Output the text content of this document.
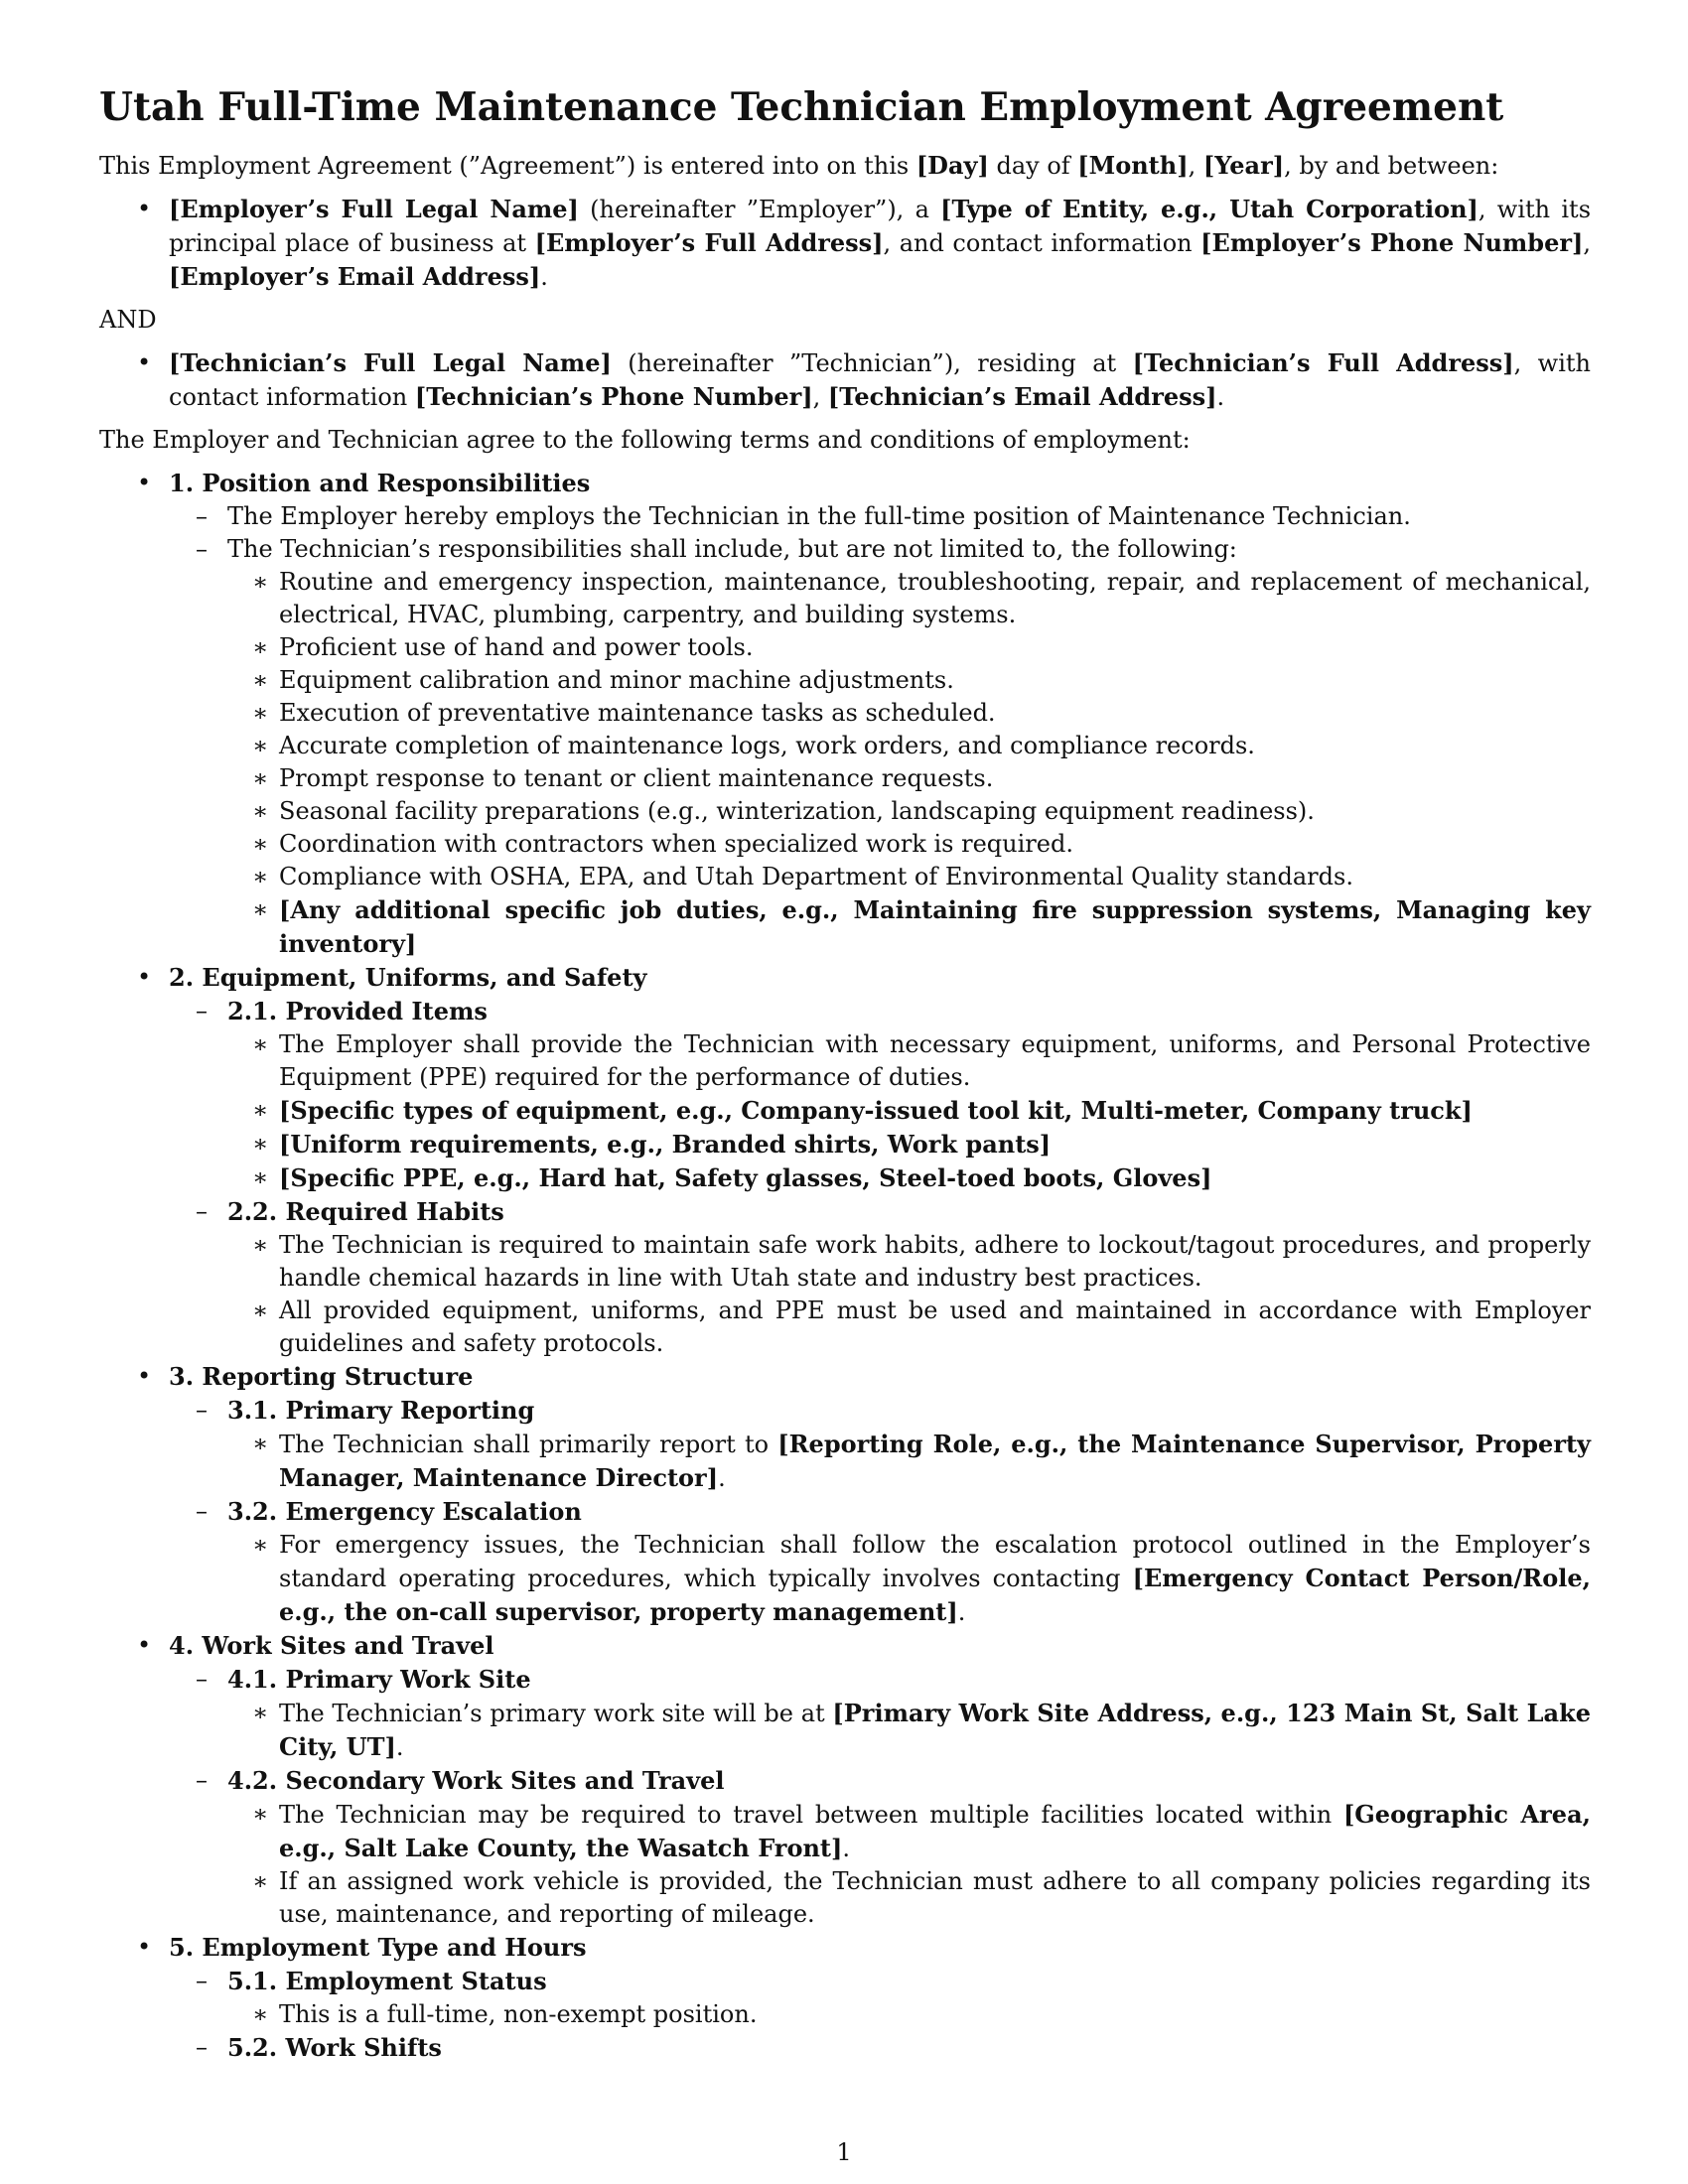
Utah Full-Time Maintenance Technician Employment Agreement

This Employment Agreement (”Agreement”) is entered into on this [Day] day of [Month], [Year], by and between:

• [Employer’s Full Legal Name] (hereinafter ”Employer”), a [Type of Entity, e.g., Utah Corporation], with its principal place of business at [Employer’s Full Address], and contact information [Employer’s Phone Number], [Employer’s Email Address].

AND

• [Technician’s Full Legal Name] (hereinafter ”Technician”), residing at [Technician’s Full Address], with contact information [Technician’s Phone Number], [Technician’s Email Address].

The Employer and Technician agree to the following terms and conditions of employment:

• 1. Position and Responsibilities
– The Employer hereby employs the Technician in the full-time position of Maintenance Technician.
– The Technician’s responsibilities shall include, but are not limited to, the following:
∗ Routine and emergency inspection, maintenance, troubleshooting, repair, and replacement of mechanical, electrical, HVAC, plumbing, carpentry, and building systems.
∗ Proficient use of hand and power tools.
∗ Equipment calibration and minor machine adjustments.
∗ Execution of preventative maintenance tasks as scheduled.
∗ Accurate completion of maintenance logs, work orders, and compliance records.
∗ Prompt response to tenant or client maintenance requests.
∗ Seasonal facility preparations (e.g., winterization, landscaping equipment readiness).
∗ Coordination with contractors when specialized work is required.
∗ Compliance with OSHA, EPA, and Utah Department of Environmental Quality standards.
∗ [Any additional specific job duties, e.g., Maintaining fire suppression systems, Managing key inventory]
• 2. Equipment, Uniforms, and Safety
– 2.1. Provided Items
∗ The Employer shall provide the Technician with necessary equipment, uniforms, and Personal Protective Equipment (PPE) required for the performance of duties.
∗ [Specific types of equipment, e.g., Company-issued tool kit, Multi-meter, Company truck]
∗ [Uniform requirements, e.g., Branded shirts, Work pants]
∗ [Specific PPE, e.g., Hard hat, Safety glasses, Steel-toed boots, Gloves]
– 2.2. Required Habits
∗ The Technician is required to maintain safe work habits, adhere to lockout/tagout procedures, and properly handle chemical hazards in line with Utah state and industry best practices.
∗ All provided equipment, uniforms, and PPE must be used and maintained in accordance with Employer guidelines and safety protocols.
• 3. Reporting Structure
– 3.1. Primary Reporting
∗ The Technician shall primarily report to [Reporting Role, e.g., the Maintenance Supervisor, Property Manager, Maintenance Director].
– 3.2. Emergency Escalation
∗ For emergency issues, the Technician shall follow the escalation protocol outlined in the Employer’s standard operating procedures, which typically involves contacting [Emergency Contact Person/Role, e.g., the on-call supervisor, property management].
• 4. Work Sites and Travel
– 4.1. Primary Work Site
∗ The Technician’s primary work site will be at [Primary Work Site Address, e.g., 123 Main St, Salt Lake City, UT].
– 4.2. Secondary Work Sites and Travel
∗ The Technician may be required to travel between multiple facilities located within [Geographic Area, e.g., Salt Lake County, the Wasatch Front].
∗ If an assigned work vehicle is provided, the Technician must adhere to all company policies regarding its use, maintenance, and reporting of mileage.
• 5. Employment Type and Hours
– 5.1. Employment Status
∗ This is a full-time, non-exempt position.
– 5.2. Work Shifts
1
